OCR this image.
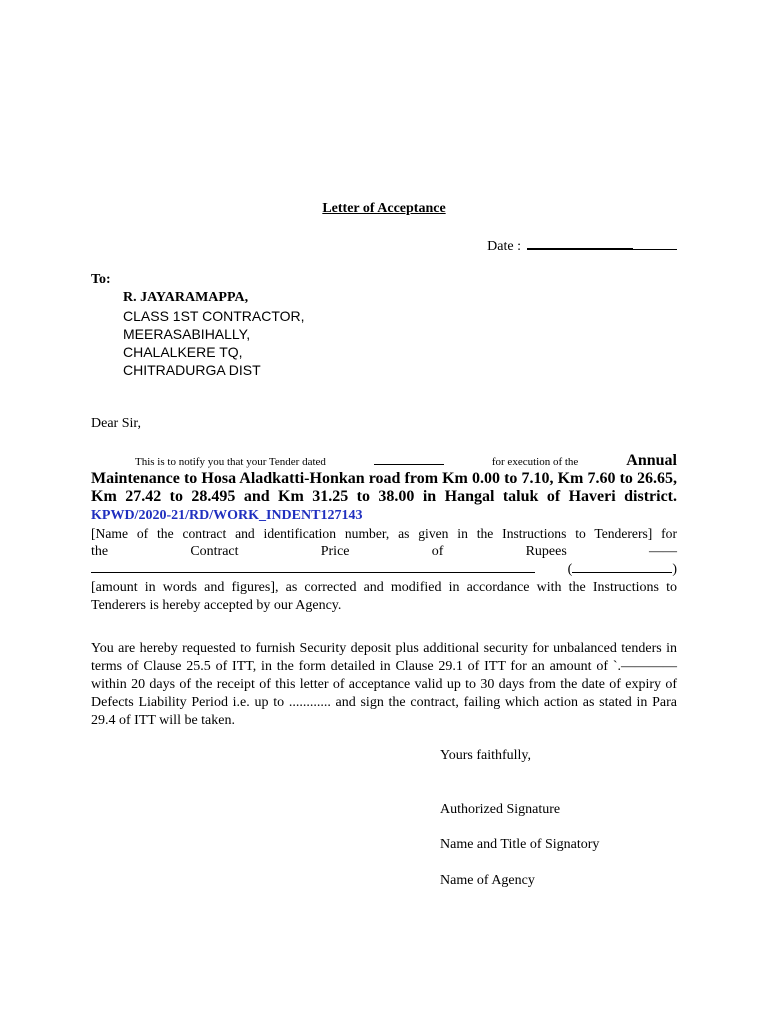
Letter of Acceptance
Date :
To:
R. JAYARAMAPPA,
CLASS 1ST CONTRACTOR,
MEERASABIHALLY,
CHALALKERE TQ,
CHITRADURGA DIST
Dear Sir,
This is to notify you that your Tender dated	for execution of the	Annual
Maintenance to Hosa Aladkatti-Honkan road from Km 0.00 to 7.10, Km 7.60 to 26.65, Km 27.42 to 28.495 and Km 31.25 to 38.00 in Hangal taluk of Haveri district. KPWD/2020-21/RD/WORK_INDENT127143
[Name of the contract and identification number, as given in the Instructions to Tenderers] for
the	Contract	Price	of	Rupees	——
(	)
[amount in words and figures], as corrected and modified in accordance with the Instructions to Tenderers is hereby accepted by our Agency.
You are hereby requested to furnish Security deposit plus additional security for unbalanced tenders in terms of Clause 25.5 of ITT, in the form detailed in Clause 29.1 of ITT for an amount of `.———— within 20 days of the receipt of this letter of acceptance valid up to 30 days from the date of expiry of Defects Liability Period i.e. up to ............ and sign the contract, failing which action as stated in Para 29.4 of ITT will be taken.
Yours faithfully,
Authorized Signature
Name and Title of Signatory
Name of Agency
